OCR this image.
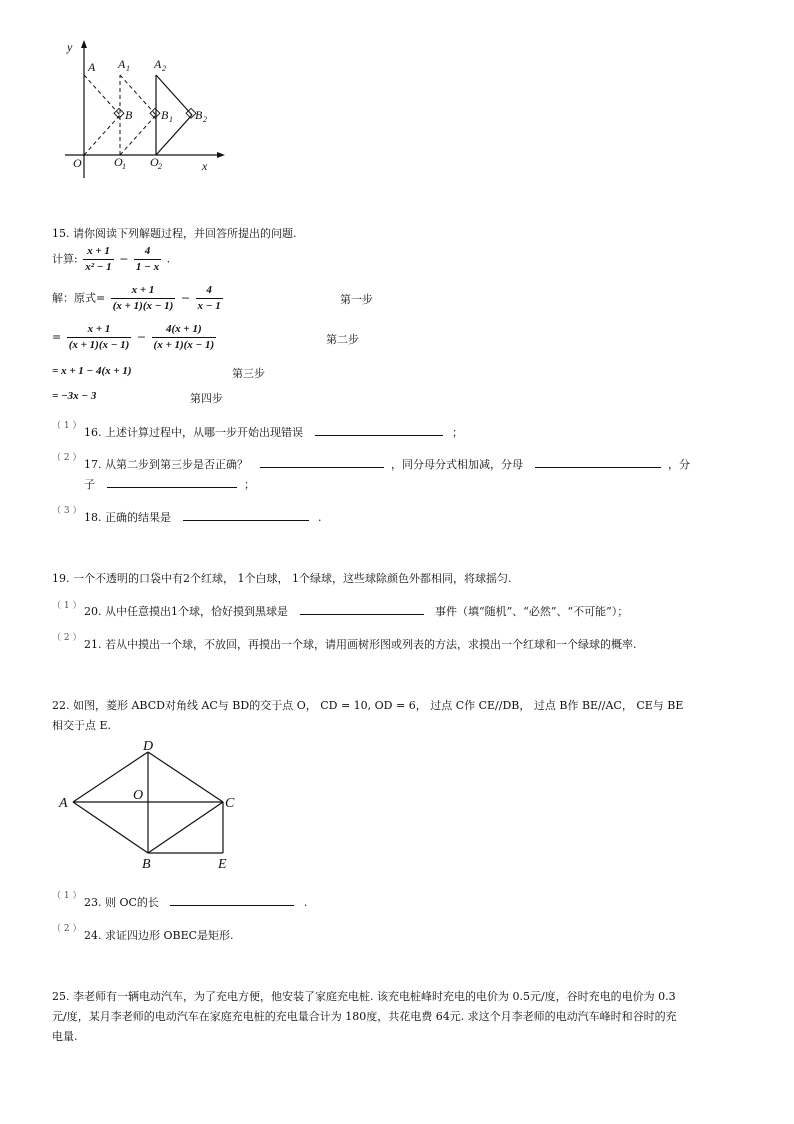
y
x
O
A A 1 A 2
B B 1 B 2
O 1 O 2
15. 请你阅读下列解题过程，并回答所提出的问题.
计算: $\frac{x + 1}{\text{x² − 1}} - \frac{4}{1 - x}$ .
解：原式= $\frac{x + 1}{(x + 1)(x - 1)} - \frac{4}{x - 1}$	第一步
= $\frac{x + 1}{(x + 1)(x - 1)} - \frac{4(x + 1)}{(x + 1)(x - 1)}$	第二步
= x + 1 − 4(x + 1)	第三步
= −3x − 3	第四步
（ 1 ） 16. 上述计算过程中，从哪一步开始出现错误	；
（ 2 ） 17. 从第二步到第三步是否正确？	，同分母分式相加减，分母	，分
子	；
（ 3 ） 18. 正确的结果是	.
19. 一个不透明的口袋中有2个红球， 1个白球， 1个绿球，这些球除颜色外都相同，将球摇匀.
（ 1 ） 20. 从中任意摸出1个球，恰好摸到黑球是	事件（填“随机”、“必然”、“不可能”）；
（ 2 ） 21. 若从中摸出一个球，不放回，再摸出一个球，请用画树形图或列表的方法，求摸出一个红球和一个绿球的概率.
22. 如图，菱形 ABCD对角线 AC与 BD的交于点 O， CD = 10, OD = 6， 过点 C作 CE//DB， 过点 B作 BE//AC， CE与 BE
相交于点 E.
A
D
O
C
B	E
（ 1 ） 23. 则 OC的长	.
（ 2 ） 24. 求证四边形 OBEC是矩形.
25. 李老师有一辆电动汽车，为了充电方便，他安装了家庭充电桩. 该充电桩峰时充电的电价为 0.5元/度，谷时充电的电价为 0.3
元/度，某月李老师的电动汽车在家庭充电桩的充电量合计为 180度，共花电费 64元. 求这个月李老师的电动汽车峰时和谷时的充
电量.
